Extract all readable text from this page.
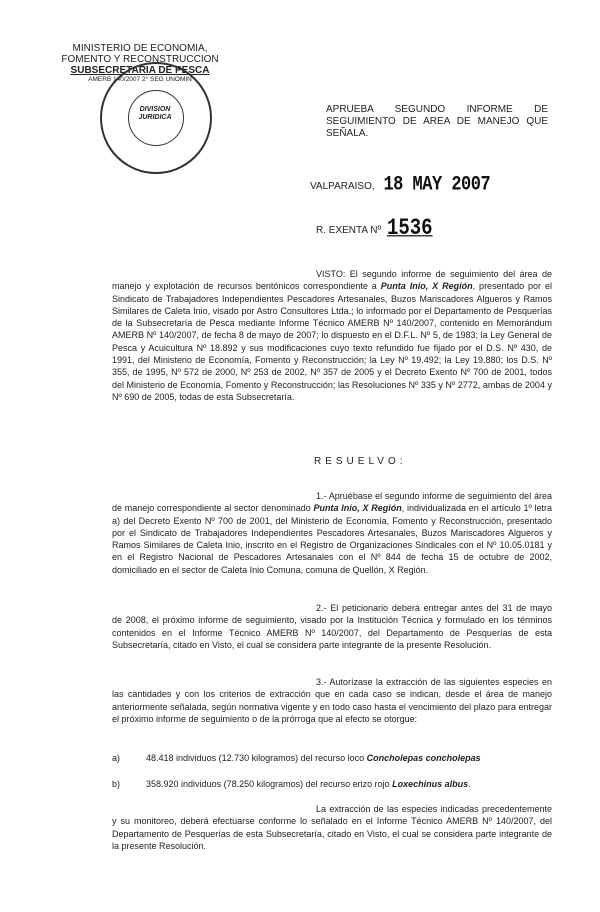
MINISTERIO DE ECONOMIA,
FOMENTO Y RECONSTRUCCION
SUBSECRETARIA DE PESCA
AMERB 140/2007 2° SEG UNOMIN
DIVISION
JURIDICA
APRUEBA SEGUNDO INFORME DE
SEGUIMIENTO DE AREA DE MANEJO QUE
SEÑALA.
VALPARAISO, 18 MAY 2007
R. EXENTA Nº 1536
VISTO: El segundo informe de seguimiento del área de manejo y explotación de recursos bentónicos correspondiente a Punta Inio, X Región, presentado por el Sindicato de Trabajadores Independientes Pescadores Artesanales, Buzos Mariscadores Algueros y Ramos Similares de Caleta Inio, visado por Astro Consultores Ltda.; lo informado por el Departamento de Pesquerías de la Subsecretaría de Pesca mediante Informe Técnico AMERB Nº 140/2007, contenido en Memorándum AMERB Nº 140/2007, de fecha 8 de mayo de 2007; lo dispuesto en el D.F.L. Nº 5, de 1983; la Ley General de Pesca y Acuicultura Nº 18.892 y sus modificaciones cuyo texto refundido fue fijado por el D.S. Nº 430, de 1991, del Ministerio de Economía, Fomento y Reconstrucción; la Ley Nº 19.492; la Ley 19.880; los D.S. Nº 355, de 1995, Nº 572 de 2000, Nº 253 de 2002, Nº 357 de 2005 y el Decreto Exento Nº 700 de 2001, todos del Ministerio de Economía, Fomento y Reconstrucción; las Resoluciones Nº 335 y Nº 2772, ambas de 2004 y Nº 690 de 2005, todas de esta Subsecretaría.
RESUELVO:
1.- Apruébase el segundo informe de seguimiento del área de manejo correspondiente al sector denominado Punta Inio, X Región, individualizada en el artículo 1º letra a) del Decreto Exento Nº 700 de 2001, del Ministerio de Economía, Fomento y Reconstrucción, presentado por el Sindicato de Trabajadores Independientes Pescadores Artesanales, Buzos Mariscadores Algueros y Ramos Similares de Caleta Inio, inscrito en el Registro de Organizaciones Sindicales con el Nº 10.05.0181 y en el Registro Nacional de Pescadores Artesanales con el Nº 844 de fecha 15 de octubre de 2002, domiciliado en el sector de Caleta Inio Comuna, comuna de Quellón, X Región.
2.- El peticionario deberá entregar antes del 31 de mayo de 2008, el próximo informe de seguimiento, visado por la Institución Técnica y formulado en los términos contenidos en el Informe Técnico AMERB Nº 140/2007, del Departamento de Pesquerías de esta Subsecretaría, citado en Visto, el cual se considera parte integrante de la presente Resolución.
3.- Autorízase la extracción de las siguientes especies en las cantidades y con los criterios de extracción que en cada caso se indican, desde el área de manejo anteriormente señalada, según normativa vigente y en todo caso hasta el vencimiento del plazo para entregar el próximo informe de seguimiento o de la prórroga que al efecto se otorgue:
a)	48.418 individuos (12.730 kilogramos) del recurso loco Concholepas concholepas
b)	358.920 individuos (78.250 kilogramos) del recurso erizo rojo Loxechinus albus.
La extracción de las especies indicadas precedentemente y su monitoreo, deberá efectuarse conforme lo señalado en el Informe Técnico AMERB Nº 140/2007, del Departamento de Pesquerías de esta Subsecretaría, citado en Visto, el cual se considera parte integrante de la presente Resolución.
